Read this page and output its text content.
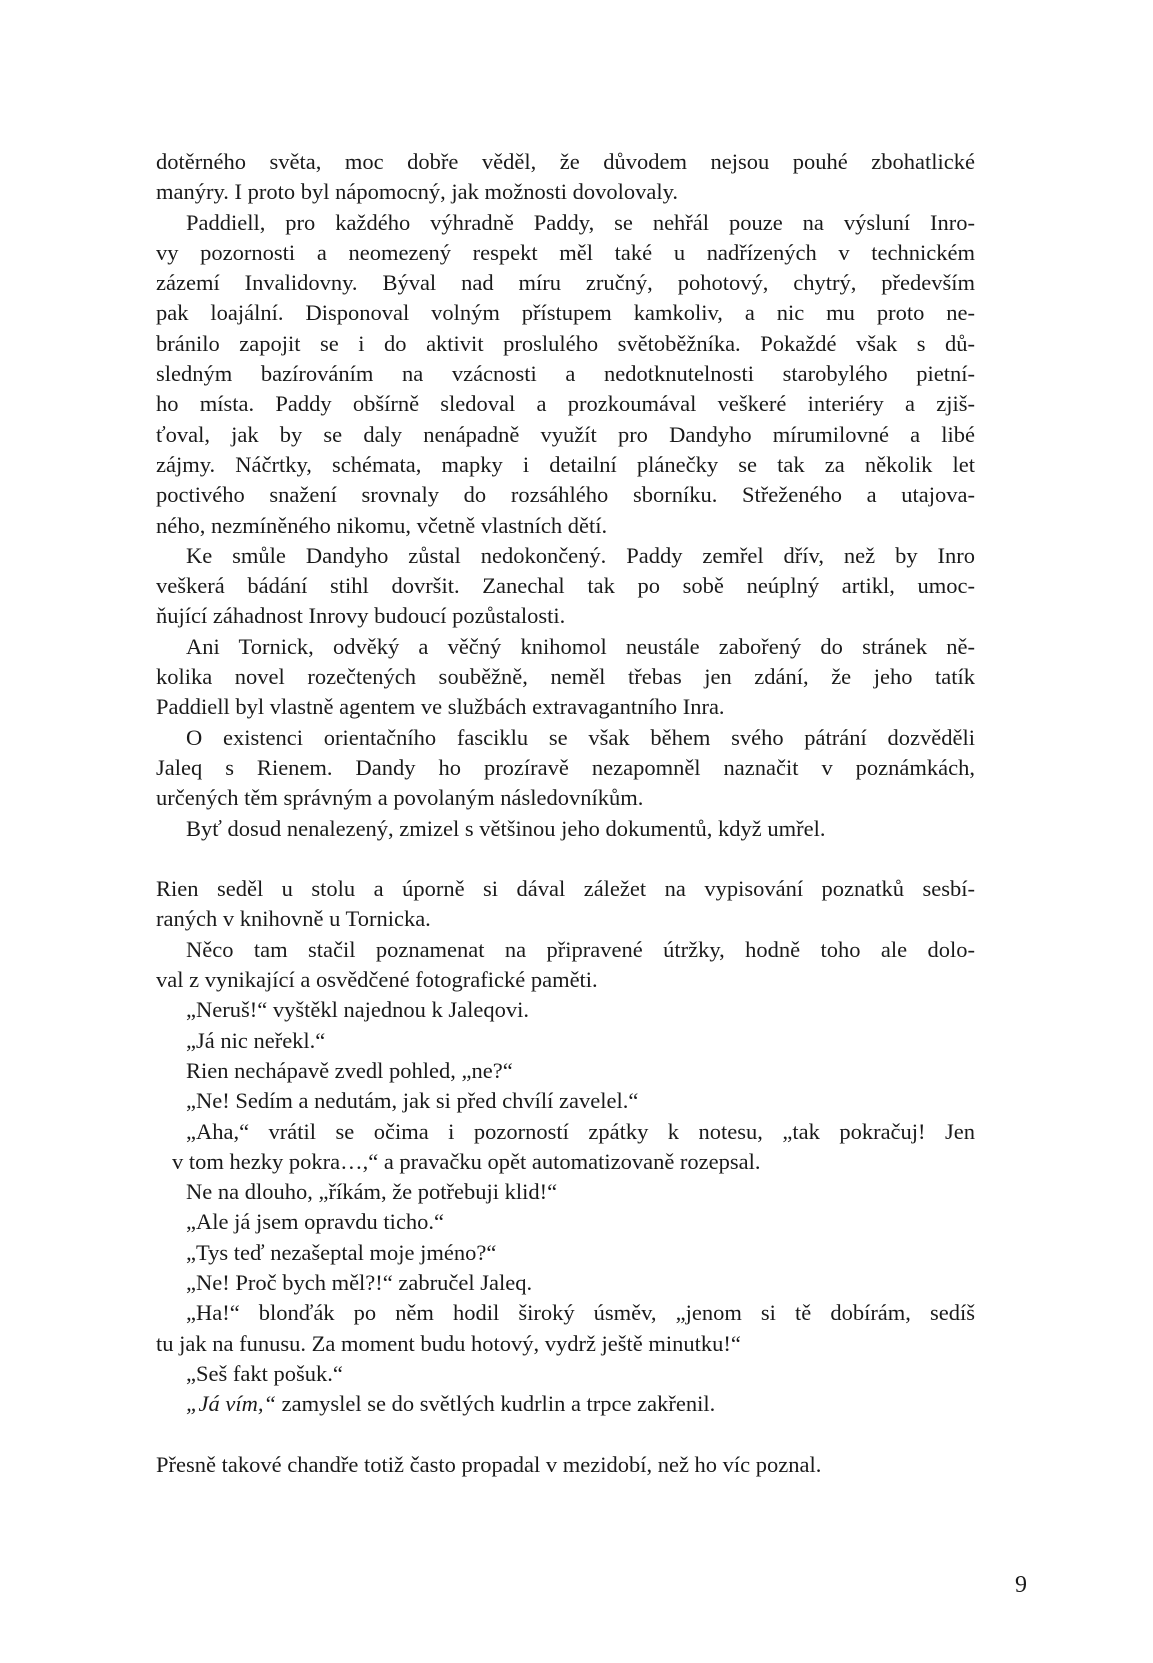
dotěrného světa, moc dobře věděl, že důvodem nejsou pouhé zbohatlické
manýry. I proto byl nápomocný, jak možnosti dovolovaly.
Paddiell, pro každého výhradně Paddy, se nehřál pouze na výsluní Inro-
vy pozornosti a neomezený respekt měl také u nadřízených v technickém
zázemí Invalidovny. Býval nad míru zručný, pohotový, chytrý, především
pak loajální. Disponoval volným přístupem kamkoliv, a nic mu proto ne-
bránilo zapojit se i do aktivit proslulého světoběžníka. Pokaždé však s dů-
sledným bazírováním na vzácnosti a nedotknutelnosti starobylého pietní-
ho místa. Paddy obšírně sledoval a prozkoumával veškeré interiéry a zjiš-
ťoval, jak by se daly nenápadně využít pro Dandyho mírumilovné a libé
zájmy. Náčrtky, schémata, mapky i detailní plánečky se tak za několik let
poctivého snažení srovnaly do rozsáhlého sborníku. Střeženého a utajova-
ného, nezmíněného nikomu, včetně vlastních dětí.
Ke smůle Dandyho zůstal nedokončený. Paddy zemřel dřív, než by Inro
veškerá bádání stihl dovršit. Zanechal tak po sobě neúplný artikl, umoc-
ňující záhadnost Inrovy budoucí pozůstalosti.
Ani Tornick, odvěký a věčný knihomol neustále zabořený do stránek ně-
kolika novel rozečtených souběžně, neměl třebas jen zdání, že jeho tatík
Paddiell byl vlastně agentem ve službách extravagantního Inra.
O existenci orientačního fasciklu se však během svého pátrání dozvěděli
Jaleq s Rienem. Dandy ho prozíravě nezapomněl naznačit v poznámkách,
určených těm správným a povolaným následovníkům.
Byť dosud nenalezený, zmizel s většinou jeho dokumentů, když umřel.
Rien seděl u stolu a úporně si dával záležet na vypisování poznatků sesbí-
raných v knihovně u Tornicka.
Něco tam stačil poznamenat na připravené útržky, hodně toho ale dolo-
val z vynikající a osvědčené fotografické paměti.
„Neruš!“ vyštěkl najednou k Jaleqovi.
„Já nic neřekl.“
Rien nechápavě zvedl pohled, „ne?“
„Ne! Sedím a nedutám, jak si před chvílí zavelel.“
„Aha,“ vrátil se očima i pozorností zpátky k notesu, „tak pokračuj! Jen
v tom hezky pokra…,“ a pravačku opět automatizovaně rozepsal.
Ne na dlouho, „říkám, že potřebuji klid!“
„Ale já jsem opravdu ticho.“
„Tys teď nezašeptal moje jméno?“
„Ne! Proč bych měl?!“ zabručel Jaleq.
„Ha!“ blonďák po něm hodil široký úsměv, „jenom si tě dobírám, sedíš
tu jak na funusu. Za moment budu hotový, vydrž ještě minutku!“
„Seš fakt pošuk.“
„Já vím,“ zamyslel se do světlých kudrlin a trpce zakřenil.
Přesně takové chandře totiž často propadal v mezidobí, než ho víc poznal.
9
